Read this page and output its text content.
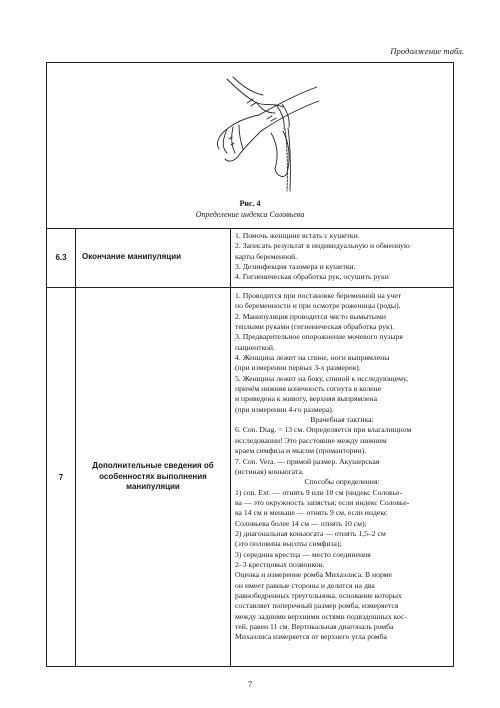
Продолжение табл.
Рис. 4
Определение индекса Соловьева
6.3	Окончание манипуляции
1. Помочь женщине встать с кушетки.
2. Записать результат в индивидуальную и обменную
карты беременной.
3. Дезинфекция тазомера и кушетки.
4. Гигиеническая обработка рук, осушить руки
7
Дополнительные сведения об особенностях выполнения манипуляции
1. Проводится при постановке беременной на учет
по беременности и при осмотре роженицы (роды).
2. Манипуляция проводится чисто вымытыми
теплыми руками (гигиеническая обработка рук).
3. Предварительное опорожнение мочевого пузыря
пациенткой.
4. Женщина лежит на спине, ноги выпрямлены
(при измерении первых 3-х размеров).
5. Женщина лежит на боку, спиной к исследующему,
причём нижняя конечность согнута в колене
и приведена к животу, верхняя выпрямлена
(при измерении 4-го размера).
Врачебная тактика:
6. Con. Diag. = 13 см. Определяется при влагалищном
исследовании! Это расстояние между нижним
краем симфиза и мысом (промантории).
7. Con. Vera. — прямой размер. Акушерская
(истиная) коньюгата.
Способы определения:
1) con. Ext. — отнять 9 или 10 см (индекс Соловье-
ва — это окружность запястья; если индекс Соловье-
ва 14 см и меньше — отнять 9 см, если индекс
Соловьева более 14 см — отнять 10 см);
2) диагональная коньюгата — отнять 1,5–2 см
(это половина высоты симфиза);
3) середина крестца — место соединения
2–3 крестцовых позвонков.
Оценка и измерение ромба Михаэлиса. В норме
он имеет равные стороны и делится на два
равнобедренных треугольника, основание которых
составляет поперечный размер ромба, измеряется
между задними верхними остями подвздошных кос-
тей, равен 11 см. Вертикальная диагональ ромба
Михаэлиса измеряется от верхнего угла ромба
7
